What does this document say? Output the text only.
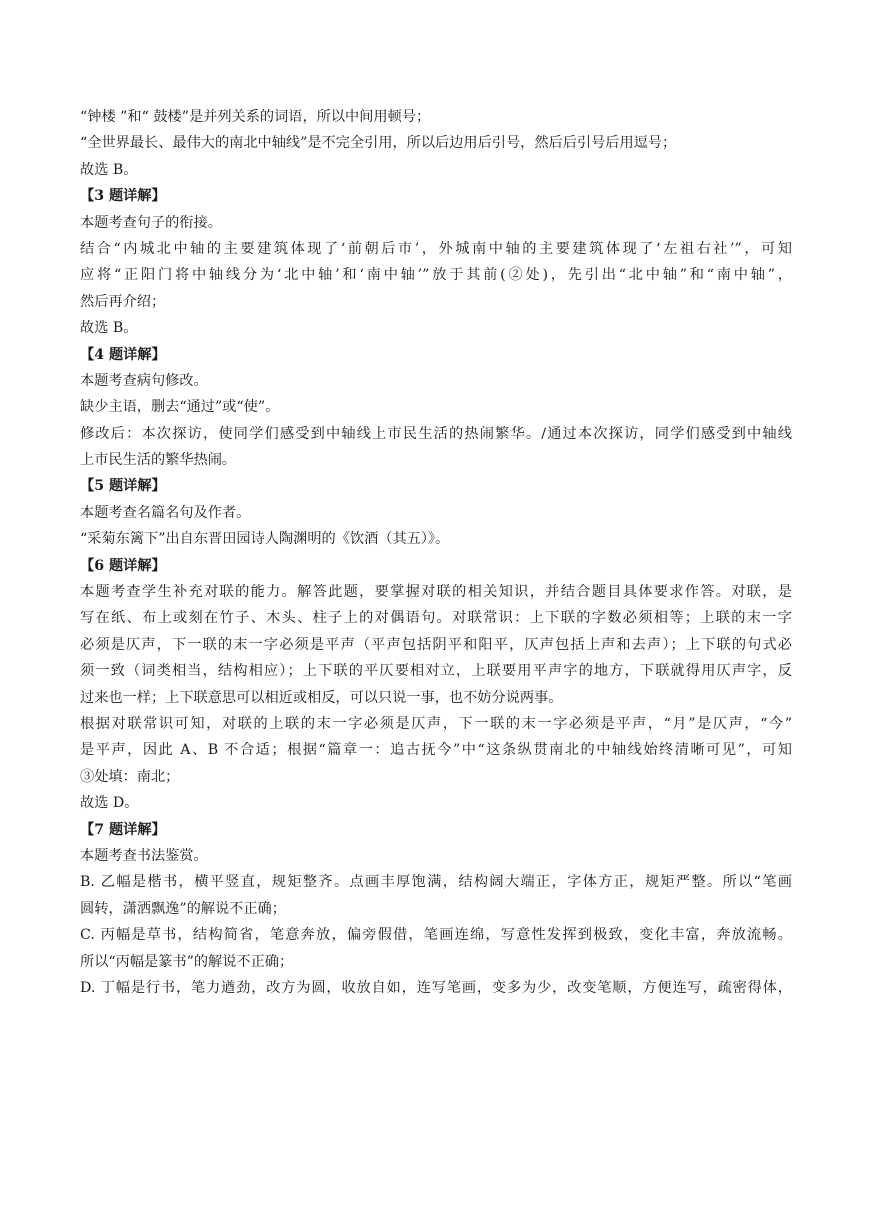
“钟楼 ”和“ 鼓楼”是并列关系的词语，所以中间用顿号；
“全世界最长、最伟大的南北中轴线”是不完全引用，所以后边用后引号，然后后引号后用逗号；
故选 B。
【3 题详解】
本题考查句子的衔接。
结合“内城北中轴的主要建筑体现了‘前朝后市’，外城南中轴的主要建筑体现了‘左祖右社’”，可知
应将“正阳门将中轴线分为‘北中轴’和‘南中轴’”放于其前(②处)，先引出“北中轴”和“南中轴”，
然后再介绍；
故选 B。
【4 题详解】
本题考查病句修改。
缺少主语，删去“通过”或“使”。
修改后：本次探访，使同学们感受到中轴线上市民生活的热闹繁华。/通过本次探访，同学们感受到中轴线
上市民生活的繁华热闹。
【5 题详解】
本题考查名篇名句及作者。
“采菊东篱下”出自东晋田园诗人陶渊明的《饮酒（其五）》。
【6 题详解】
本题考查学生补充对联的能力。解答此题，要掌握对联的相关知识，并结合题目具体要求作答。对联，是
写在纸、布上或刻在竹子、木头、柱子上的对偶语句。对联常识：上下联的字数必须相等；上联的末一字
必须是仄声，下一联的末一字必须是平声（平声包括阴平和阳平，仄声包括上声和去声）；上下联的句式必
须一致（词类相当，结构相应）；上下联的平仄要相对立，上联要用平声字的地方，下联就得用仄声字，反
过来也一样；上下联意思可以相近或相反，可以只说一事，也不妨分说两事。
根据对联常识可知，对联的上联的末一字必须是仄声，下一联的末一字必须是平声，“月”是仄声，“今”
是平声，因此 A、B 不合适；根据“篇章一：追古抚今”中“这条纵贯南北的中轴线始终清晰可见”，可知
③处填：南北；
故选 D。
【7 题详解】
本题考查书法鉴赏。
B. 乙幅是楷书，横平竖直，规矩整齐。点画丰厚饱满，结构阔大端正，字体方正，规矩严整。所以“笔画
圆转，潇洒飘逸”的解说不正确；
C. 丙幅是草书，结构简省，笔意奔放，偏旁假借，笔画连绵，写意性发挥到极致，变化丰富，奔放流畅。
所以“丙幅是篆书”的解说不正确；
D. 丁幅是行书，笔力遒劲，改方为圆，收放自如，连写笔画，变多为少，改变笔顺，方便连写，疏密得体，
